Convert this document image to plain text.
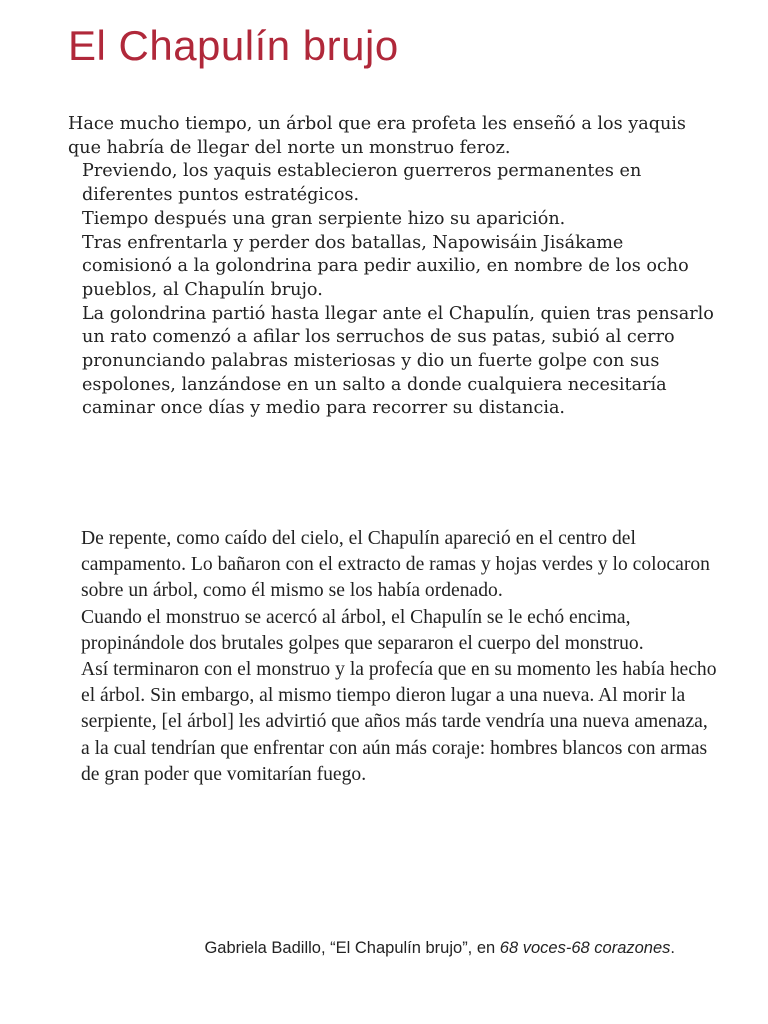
El Chapulín brujo

Hace mucho tiempo, un árbol que era profeta les enseñó a los yaquis que habría de llegar del norte un monstruo feroz.

Previendo, los yaquis establecieron guerreros permanentes en diferentes puntos estratégicos.

Tiempo después una gran serpiente hizo su aparición.

Tras enfrentarla y perder dos batallas, Napowisáin Jisákame comisionó a la golondrina para pedir auxilio, en nombre de los ocho pueblos, al Chapulín brujo.

La golondrina partió hasta llegar ante el Chapulín, quien tras pensarlo un rato comenzó a afilar los serruchos de sus patas, subió al cerro pronunciando palabras misteriosas y dio un fuerte golpe con sus espolones, lanzándose en un salto a donde cualquiera necesitaría caminar once días y medio para recorrer su distancia.

De repente, como caído del cielo, el Chapulín apareció en el centro del campamento. Lo bañaron con el extracto de ramas y hojas verdes y lo colocaron sobre un árbol, como él mismo se los había ordenado.

Cuando el monstruo se acercó al árbol, el Chapulín se le echó encima, propinándole dos brutales golpes que separaron el cuerpo del monstruo.

Así terminaron con el monstruo y la profecía que en su momento les había hecho el árbol. Sin embargo, al mismo tiempo dieron lugar a una nueva. Al morir la serpiente, [el árbol] les advirtió que años más tarde vendría una nueva amenaza, a la cual tendrían que enfrentar con aún más coraje: hombres blancos con armas de gran poder que vomitarían fuego.

Gabriela Badillo, “El Chapulín brujo”, en 68 voces-68 corazones.
